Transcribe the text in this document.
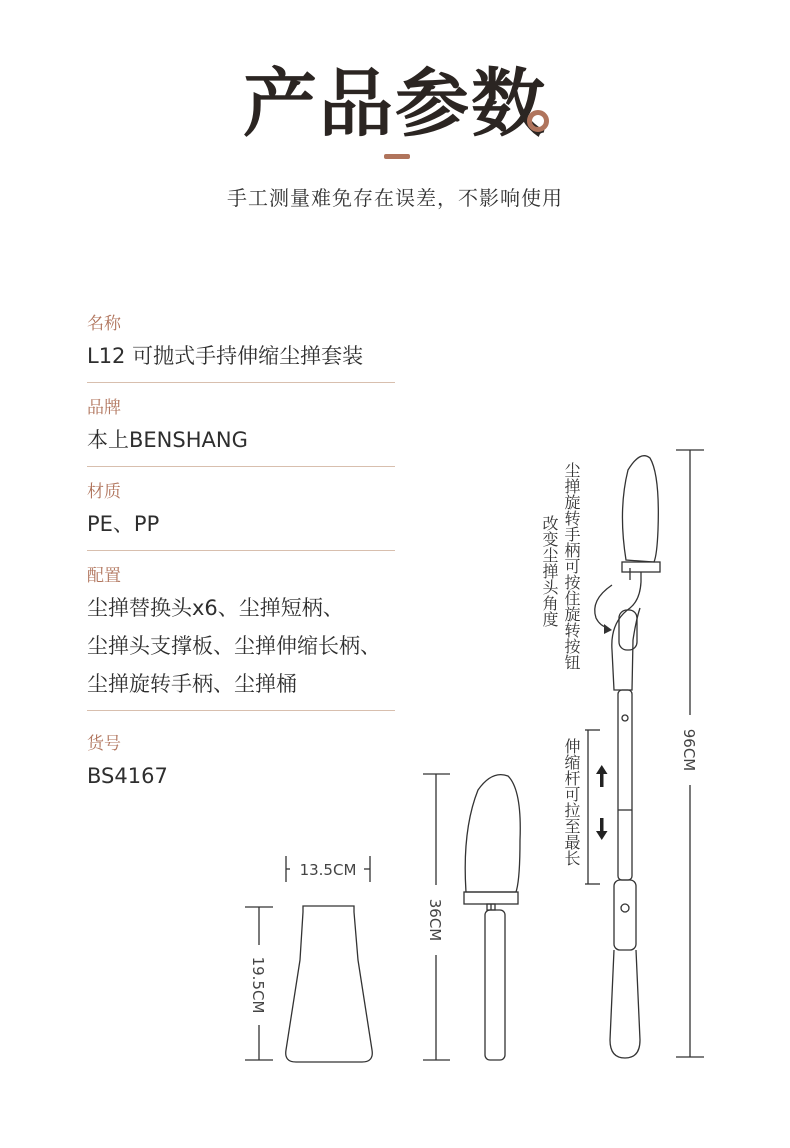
产品参数
手工测量难免存在误差，不影响使用
名称
L12 可抛式手持伸缩尘掸套装
品牌
本上BENSHANG
材质
PE、PP
配置
尘掸替换头x6、尘掸短柄、
尘掸头支撑板、尘掸伸缩长柄、
尘掸旋转手柄、尘掸桶
货号
BS4167
13.5CM
19.5CM
36CM
96CM
尘掸旋转手柄可按住旋转按钮
改变尘掸头角度
伸缩杆可拉至最长
